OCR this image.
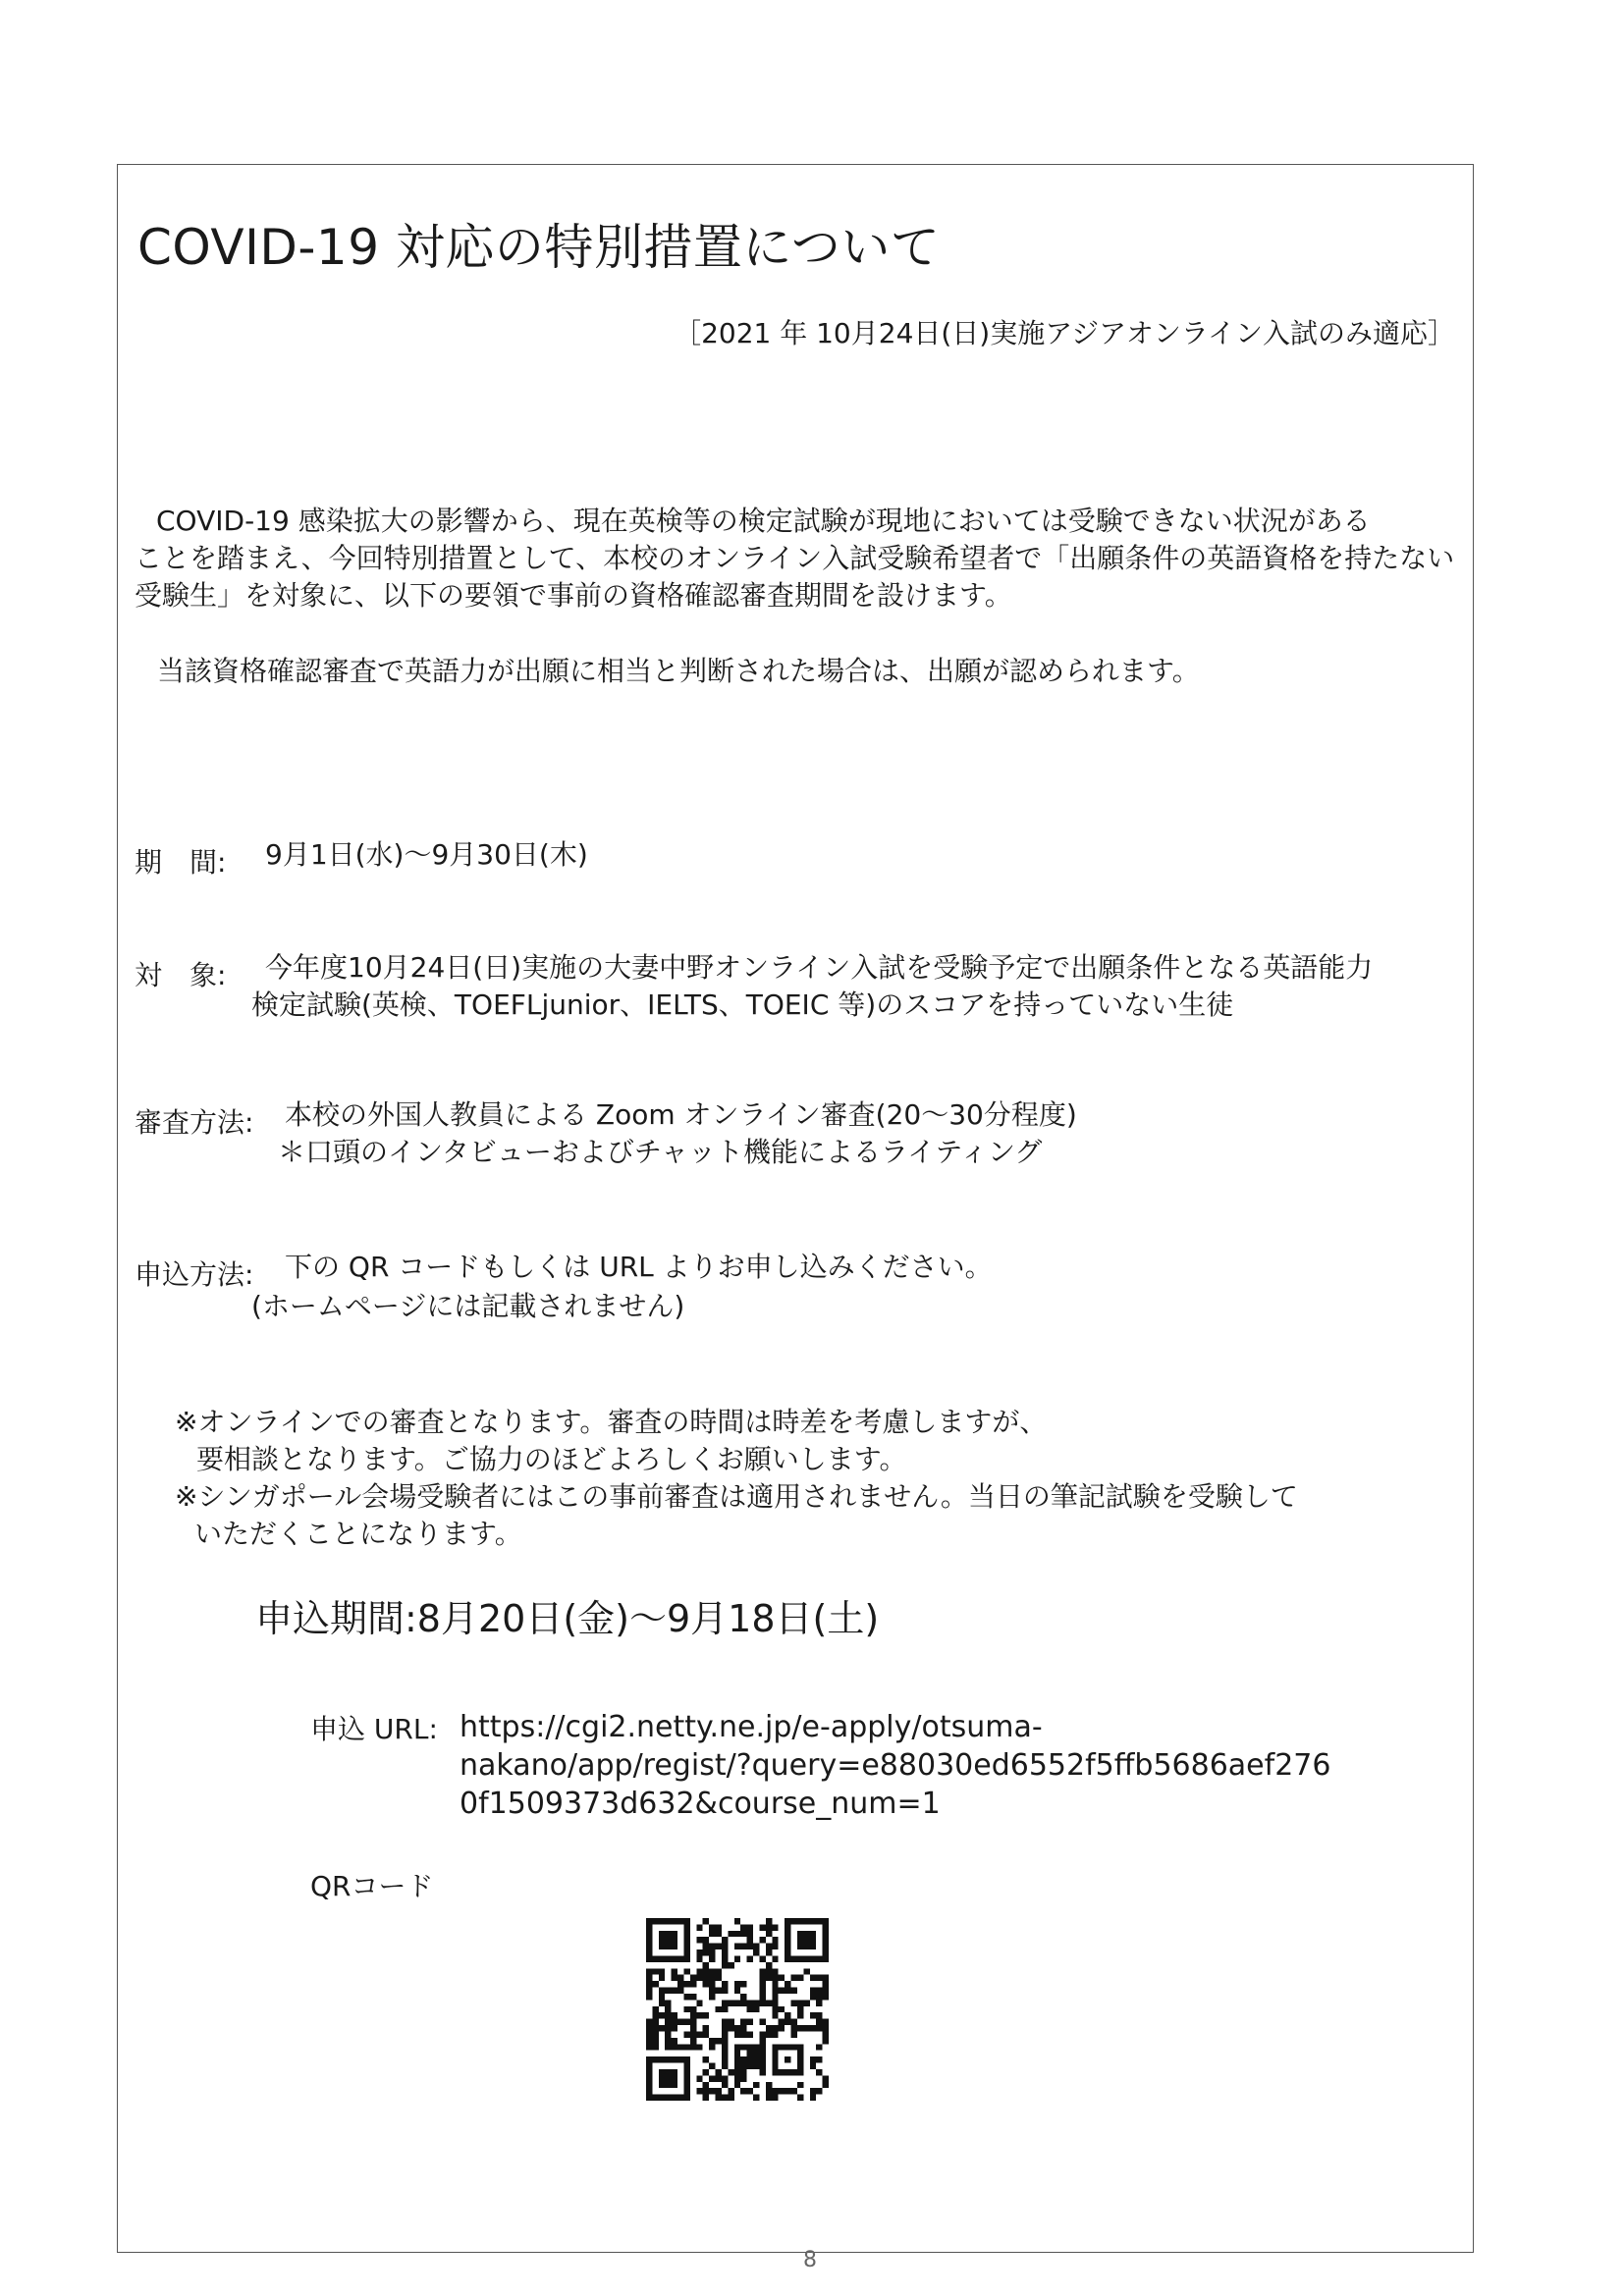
COVID-19 対応の特別措置について
［2021 年 10月24日(日)実施アジアオンライン入試のみ適応］
COVID-19 感染拡大の影響から、現在英検等の検定試験が現地においては受験できない状況がある
ことを踏まえ、今回特別措置として、本校のオンライン入試受験希望者で「出願条件の英語資格を持たない
受験生」を対象に、以下の要領で事前の資格確認審査期間を設けます。
当該資格確認審査で英語力が出願に相当と判断された場合は、出願が認められます。
期　間: 9月1日(水)～9月30日(木)
対　象: 今年度10月24日(日)実施の大妻中野オンライン入試を受験予定で出願条件となる英語能力
検定試験(英検、TOEFLjunior、IELTS、TOEIC 等)のスコアを持っていない生徒
審査方法: 本校の外国人教員による Zoom オンライン審査(20～30分程度)
＊口頭のインタビューおよびチャット機能によるライティング
申込方法: 下の QR コードもしくは URL よりお申し込みください。
(ホームページには記載されません)
※オンラインでの審査となります。審査の時間は時差を考慮しますが、
要相談となります。ご協力のほどよろしくお願いします。
※シンガポール会場受験者にはこの事前審査は適用されません。当日の筆記試験を受験して
いただくことになります。
申込期間:8月20日(金)～9月18日(土)
申込 URL: https://cgi2.netty.ne.jp/e-apply/otsuma-
nakano/app/regist/?query=e88030ed6552f5ffb5686aef276
0f1509373d632&course_num=1
QRコード
8
